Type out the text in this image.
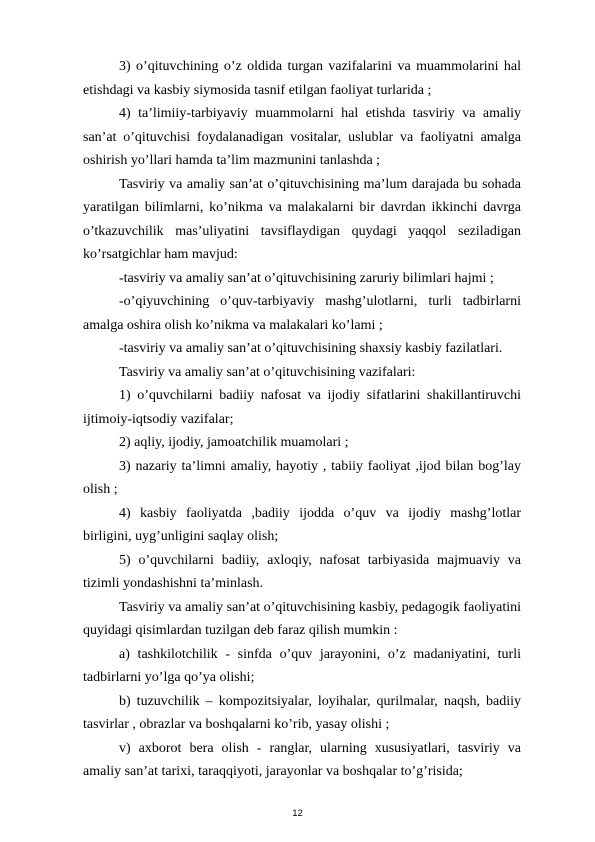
3) o’qituvchining o’z oldida turgan vazifalarini va muammolarini hal etishdagi va kasbiy siymosida tasnif etilgan faoliyat turlarida ;

4) ta’limiiy-tarbiyaviy muammolarni hal etishda tasviriy va amaliy san’at o’qituvchisi foydalanadigan vositalar, uslublar va faoliyatni amalga oshirish yo’llari hamda ta’lim mazmunini tanlashda ;

Tasviriy va amaliy san’at o’qituvchisining ma’lum darajada bu sohada yaratilgan bilimlarni, ko’nikma va malakalarni bir davrdan ikkinchi davrga o’tkazuvchilik mas’uliyatini tavsiflaydigan quydagi yaqqol seziladigan ko’rsatgichlar ham mavjud:

-tasviriy va amaliy san’at o’qituvchisining zaruriy bilimlari hajmi ;

-o’qiyuvchining o’quv-tarbiyaviy mashg’ulotlarni, turli tadbirlarni amalga oshira olish ko’nikma va malakalari ko’lami ;

-tasviriy va amaliy san’at o’qituvchisining shaxsiy kasbiy fazilatlari.

Tasviriy va amaliy san’at o’qituvchisining vazifalari:

1) o’quvchilarni badiiy nafosat va ijodiy sifatlarini shakillantiruvchi ijtimoiy-iqtsodiy vazifalar;

2) aqliy, ijodiy, jamoatchilik muamolari ;

3) nazariy ta’limni amaliy, hayotiy , tabiiy faoliyat ,ijod bilan bog’lay olish ;

4) kasbiy faoliyatda ,badiiy ijodda o’quv va ijodiy mashg’lotlar birligini, uyg’unligini saqlay olish;

5) o’quvchilarni badiiy, axloqiy, nafosat tarbiyasida majmuaviy va tizimli yondashishni ta’minlash.

Tasviriy va amaliy san’at o’qituvchisining kasbiy, pedagogik faoliyatini quyidagi qisimlardan tuzilgan deb faraz qilish mumkin :

a) tashkilotchilik - sinfda o’quv jarayonini, o’z madaniyatini, turli tadbirlarni yo’lga qo’ya olishi;

b) tuzuvchilik – kompozitsiyalar, loyihalar, qurilmalar, naqsh, badiiy tasvirlar , obrazlar va boshqalarni ko’rib, yasay olishi ;

v) axborot bera olish - ranglar, ularning xususiyatlari, tasviriy va amaliy san’at tarixi, taraqqiyoti, jarayonlar va boshqalar to’g’risida;

12
